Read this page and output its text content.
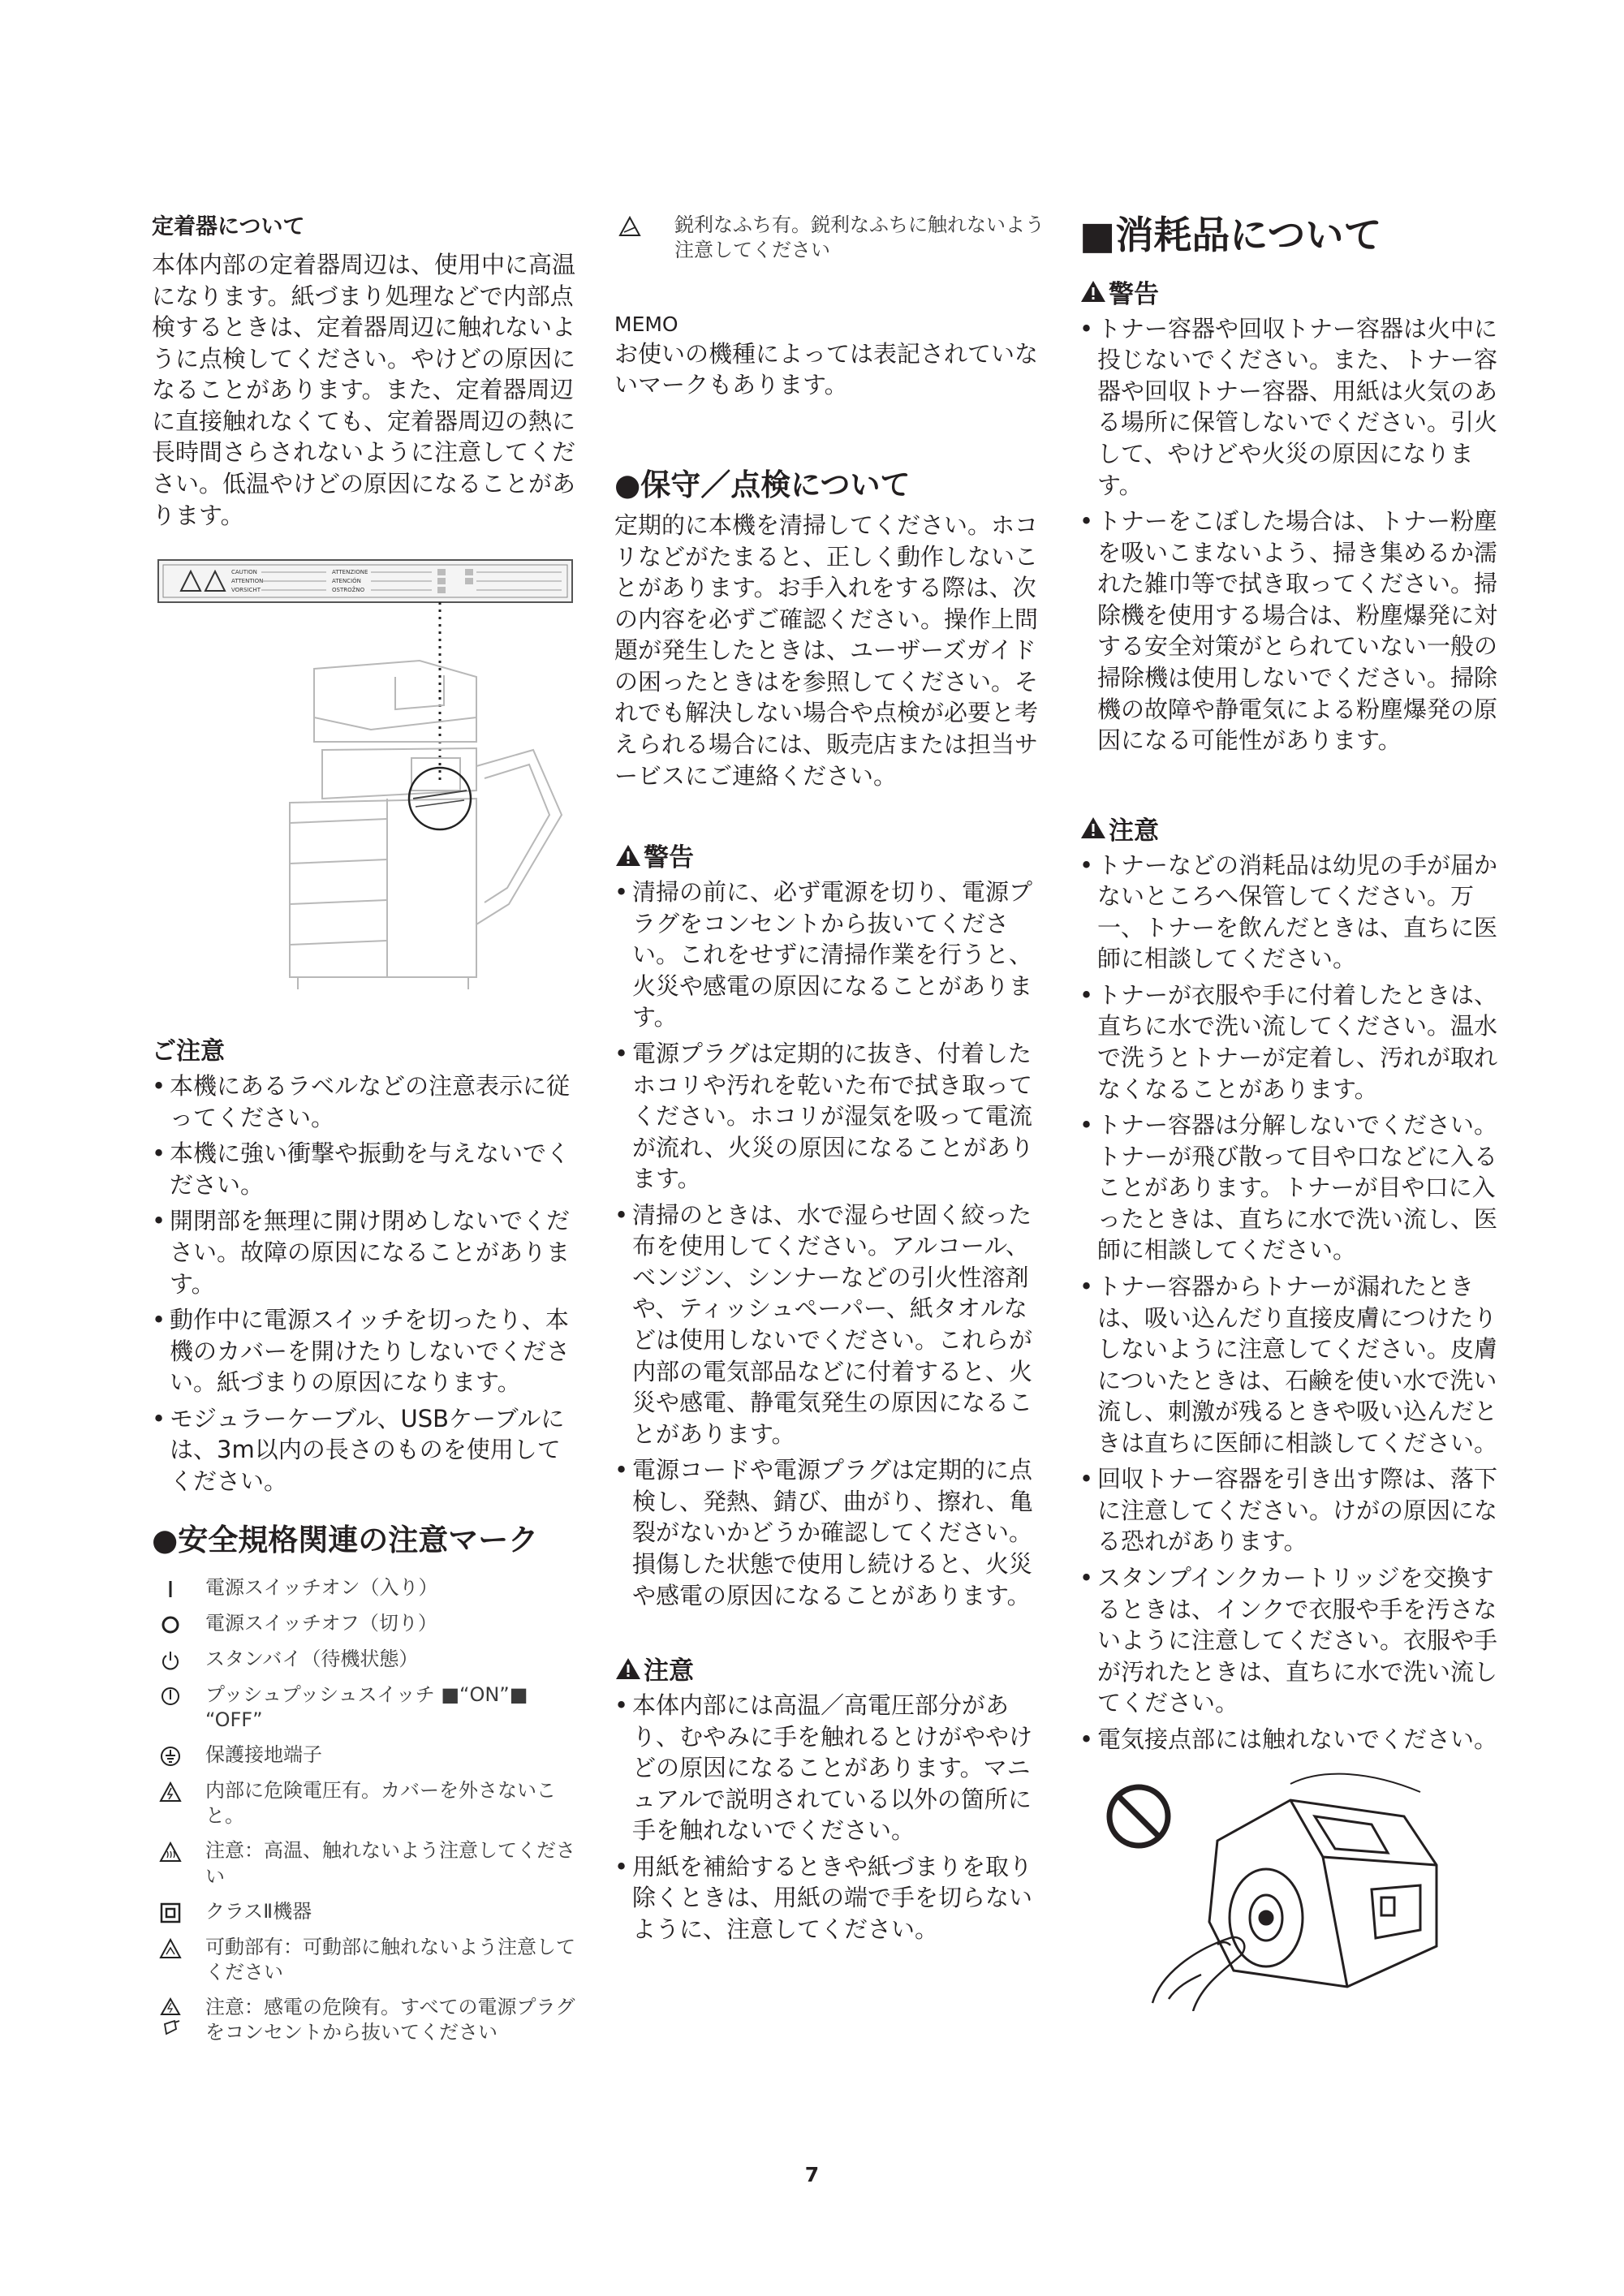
定着器について

本体内部の定着器周辺は、使用中に高温になります。紙づまり処理などで内部点検するときは、定着器周辺に触れないように点検してください。やけどの原因になることがあります。また、定着器周辺に直接触れなくても、定着器周辺の熱に長時間さらされないように注意してください。低温やけどの原因になることがあります。

CAUTION
ATTENTION
VORSICHT
ATTENZIONE
ATENCIÓN
OSTROŽNO

ご注意

• 本機にあるラベルなどの注意表示に従ってください。
• 本機に強い衝撃や振動を与えないでください。
• 開閉部を無理に開け閉めしないでください。故障の原因になることがあります。
• 動作中に電源スイッチを切ったり、本機のカバーを開けたりしないでください。紙づまりの原因になります。
• モジュラーケーブル、USBケーブルには、3m以内の長さのものを使用してください。

●安全規格関連の注意マーク

電源スイッチオン（入り）
電源スイッチオフ（切り）
スタンバイ（待機状態）
プッシュプッシュスイッチ ■“ON”■ “OFF”
保護接地端子
内部に危険電圧有。カバーを外さないこと。
注意：高温、触れないよう注意してください
クラスⅡ機器
可動部有：可動部に触れないよう注意してください
注意：感電の危険有。すべての電源プラグをコンセントから抜いてください
鋭利なふち有。鋭利なふちに触れないよう注意してください

MEMO

お使いの機種によっては表記されていないマークもあります。

●保守／点検について

定期的に本機を清掃してください。ホコリなどがたまると、正しく動作しないことがあります。お手入れをする際は、次の内容を必ずご確認ください。操作上問題が発生したときは、ユーザーズガイドの困ったときはを参照してください。それでも解決しない場合や点検が必要と考えられる場合には、販売店または担当サービスにご連絡ください。

警告
• 清掃の前に、必ず電源を切り、電源プラグをコンセントから抜いてください。これをせずに清掃作業を行うと、火災や感電の原因になることがあります。
• 電源プラグは定期的に抜き、付着したホコリや汚れを乾いた布で拭き取ってください。ホコリが湿気を吸って電流が流れ、火災の原因になることがあります。
• 清掃のときは、水で湿らせ固く絞った布を使用してください。アルコール、ベンジン、シンナーなどの引火性溶剤や、ティッシュペーパー、紙タオルなどは使用しないでください。これらが内部の電気部品などに付着すると、火災や感電、静電気発生の原因になることがあります。
• 電源コードや電源プラグは定期的に点検し、発熱、錆び、曲がり、擦れ、亀裂がないかどうか確認してください。損傷した状態で使用し続けると、火災や感電の原因になることがあります。
注意
• 本体内部には高温／高電圧部分があり、むやみに手を触れるとけがややけどの原因になることがあります。マニュアルで説明されている以外の箇所に手を触れないでください。
• 用紙を補給するときや紙づまりを取り除くときは、用紙の端で手を切らないように、注意してください。

■消耗品について

警告
• トナー容器や回収トナー容器は火中に投じないでください。また、トナー容器や回収トナー容器、用紙は火気のある場所に保管しないでください。引火して、やけどや火災の原因になります。
• トナーをこぼした場合は、トナー粉塵を吸いこまないよう、掃き集めるか濡れた雑巾等で拭き取ってください。掃除機を使用する場合は、粉塵爆発に対する安全対策がとられていない一般の掃除機は使用しないでください。掃除機の故障や静電気による粉塵爆発の原因になる可能性があります。
注意
• トナーなどの消耗品は幼児の手が届かないところへ保管してください。万一、トナーを飲んだときは、直ちに医師に相談してください。
• トナーが衣服や手に付着したときは、直ちに水で洗い流してください。温水で洗うとトナーが定着し、汚れが取れなくなることがあります。
• トナー容器は分解しないでください。トナーが飛び散って目や口などに入ることがあります。トナーが目や口に入ったときは、直ちに水で洗い流し、医師に相談してください。
• トナー容器からトナーが漏れたときは、吸い込んだり直接皮膚につけたりしないように注意してください。皮膚についたときは、石鹸を使い水で洗い流し、刺激が残るときや吸い込んだときは直ちに医師に相談してください。
• 回収トナー容器を引き出す際は、落下に注意してください。けがの原因になる恐れがあります。
• スタンプインクカートリッジを交換するときは、インクで衣服や手を汚さないように注意してください。衣服や手が汚れたときは、直ちに水で洗い流してください。
• 電気接点部には触れないでください。
7
